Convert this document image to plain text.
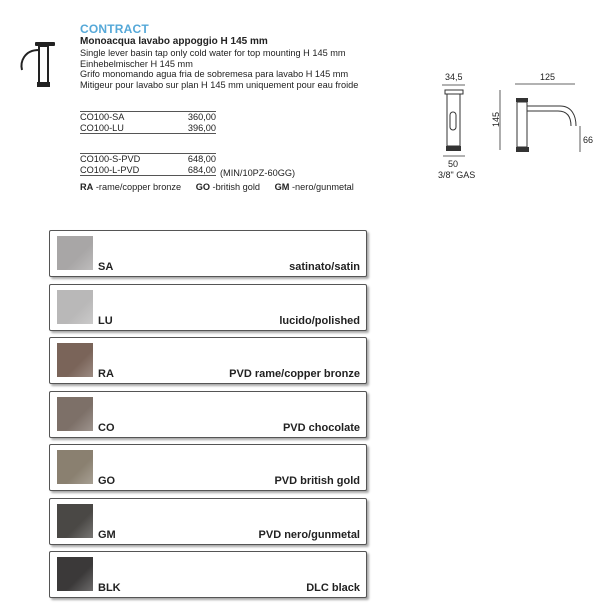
CONTRACT
Monoacqua lavabo appoggio H 145 mm
Single lever basin tap only cold water for top mounting H 145 mm
Einhebelmischer H 145 mm
Grifo monomando agua fria de sobremesa para lavabo H 145 mm
Mitigeur pour lavabo sur plan H 145 mm uniquement pour eau froide
CO100-SA	360,00
CO100-LU	396,00
CO100-S-PVD	648,00
CO100-L-PVD	684,00 (MIN/10PZ-60GG)
RA -rame/copper bronze GO -british gold GM -nero/gunmetal
34,5
50
3/8" GAS
125
145
66
SA	satinato/satin
LU	lucido/polished
RA	PVD rame/copper bronze
CO	PVD chocolate
GO	PVD british gold
GM	PVD nero/gunmetal
BLK	DLC black
